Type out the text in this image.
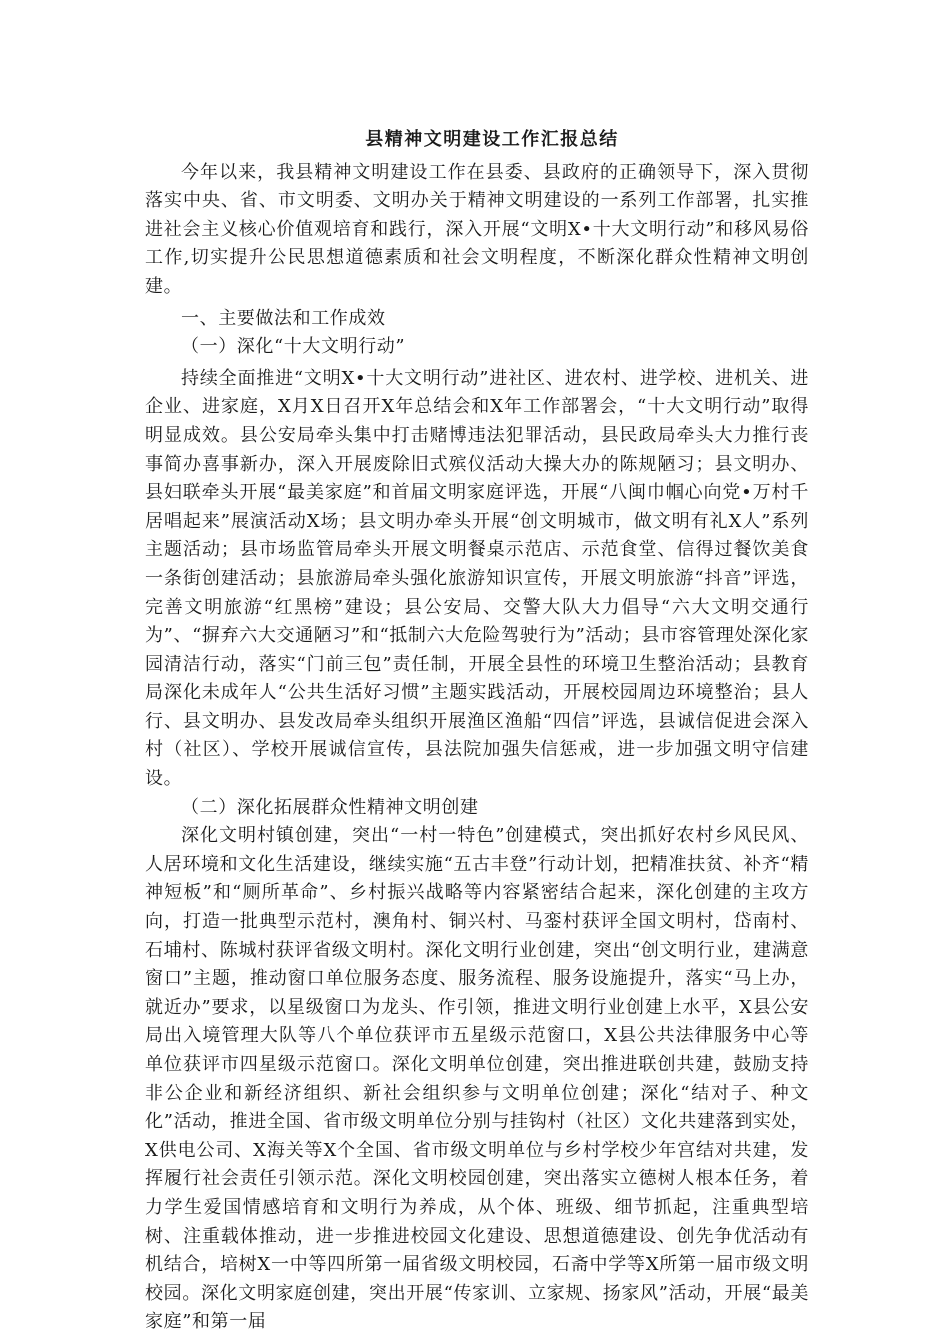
县精神文明建设工作汇报总结

今年以来，我县精神文明建设工作在县委、县政府的正确领导下，深入贯彻落实中央、省、市文明委、文明办关于精神文明建设的一系列工作部署，扎实推进社会主义核心价值观培育和践行，深入开展“文明X•十大文明行动”和移风易俗工作,切实提升公民思想道德素质和社会文明程度，不断深化群众性精神文明创建。

一、主要做法和工作成效

（一）深化“十大文明行动”

持续全面推进“文明X•十大文明行动”进社区、进农村、进学校、进机关、进企业、进家庭，X月X日召开X年总结会和X年工作部署会，“十大文明行动”取得明显成效。县公安局牵头集中打击赌博违法犯罪活动，县民政局牵头大力推行丧事简办喜事新办，深入开展废除旧式殡仪活动大操大办的陈规陋习；县文明办、县妇联牵头开展“最美家庭”和首届文明家庭评选，开展“八闽巾帼心向党•万村千居唱起来”展演活动X场；县文明办牵头开展“创文明城市，做文明有礼X人”系列主题活动；县市场监管局牵头开展文明餐桌示范店、示范食堂、信得过餐饮美食一条街创建活动；县旅游局牵头强化旅游知识宣传，开展文明旅游“抖音”评选，完善文明旅游“红黑榜”建设；县公安局、交警大队大力倡导“六大文明交通行为”、“摒弃六大交通陋习”和“抵制六大危险驾驶行为”活动；县市容管理处深化家园清洁行动，落实“门前三包”责任制，开展全县性的环境卫生整治活动；县教育局深化未成年人“公共生活好习惯”主题实践活动，开展校园周边环境整治；县人行、县文明办、县发改局牵头组织开展渔区渔船“四信”评选，县诚信促进会深入村（社区）、学校开展诚信宣传，县法院加强失信惩戒，进一步加强文明守信建设。

（二）深化拓展群众性精神文明创建

深化文明村镇创建，突出“一村一特色”创建模式，突出抓好农村乡风民风、人居环境和文化生活建设，继续实施“五古丰登”行动计划，把精准扶贫、补齐“精神短板”和“厕所革命”、乡村振兴战略等内容紧密结合起来，深化创建的主攻方向，打造一批典型示范村，澳角村、铜兴村、马銮村获评全国文明村，岱南村、石埔村、陈城村获评省级文明村。深化文明行业创建，突出“创文明行业，建满意窗口”主题，推动窗口单位服务态度、服务流程、服务设施提升，落实“马上办，就近办”要求，以星级窗口为龙头、作引领，推进文明行业创建上水平，X县公安局出入境管理大队等八个单位获评市五星级示范窗口，X县公共法律服务中心等单位获评市四星级示范窗口。深化文明单位创建，突出推进联创共建，鼓励支持非公企业和新经济组织、新社会组织参与文明单位创建；深化“结对子、种文化”活动，推进全国、省市级文明单位分别与挂钩村（社区）文化共建落到实处，X供电公司、X海关等X个全国、省市级文明单位与乡村学校少年宫结对共建，发挥履行社会责任引领示范。深化文明校园创建，突出落实立德树人根本任务，着力学生爱国情感培育和文明行为养成，从个体、班级、细节抓起，注重典型培树、注重载体推动，进一步推进校园文化建设、思想道德建设、创先争优活动有机结合，培树X一中等四所第一届省级文明校园，石斋中学等X所第一届市级文明校园。深化文明家庭创建，突出开展“传家训、立家规、扬家风”活动，开展“最美家庭”和第一届
